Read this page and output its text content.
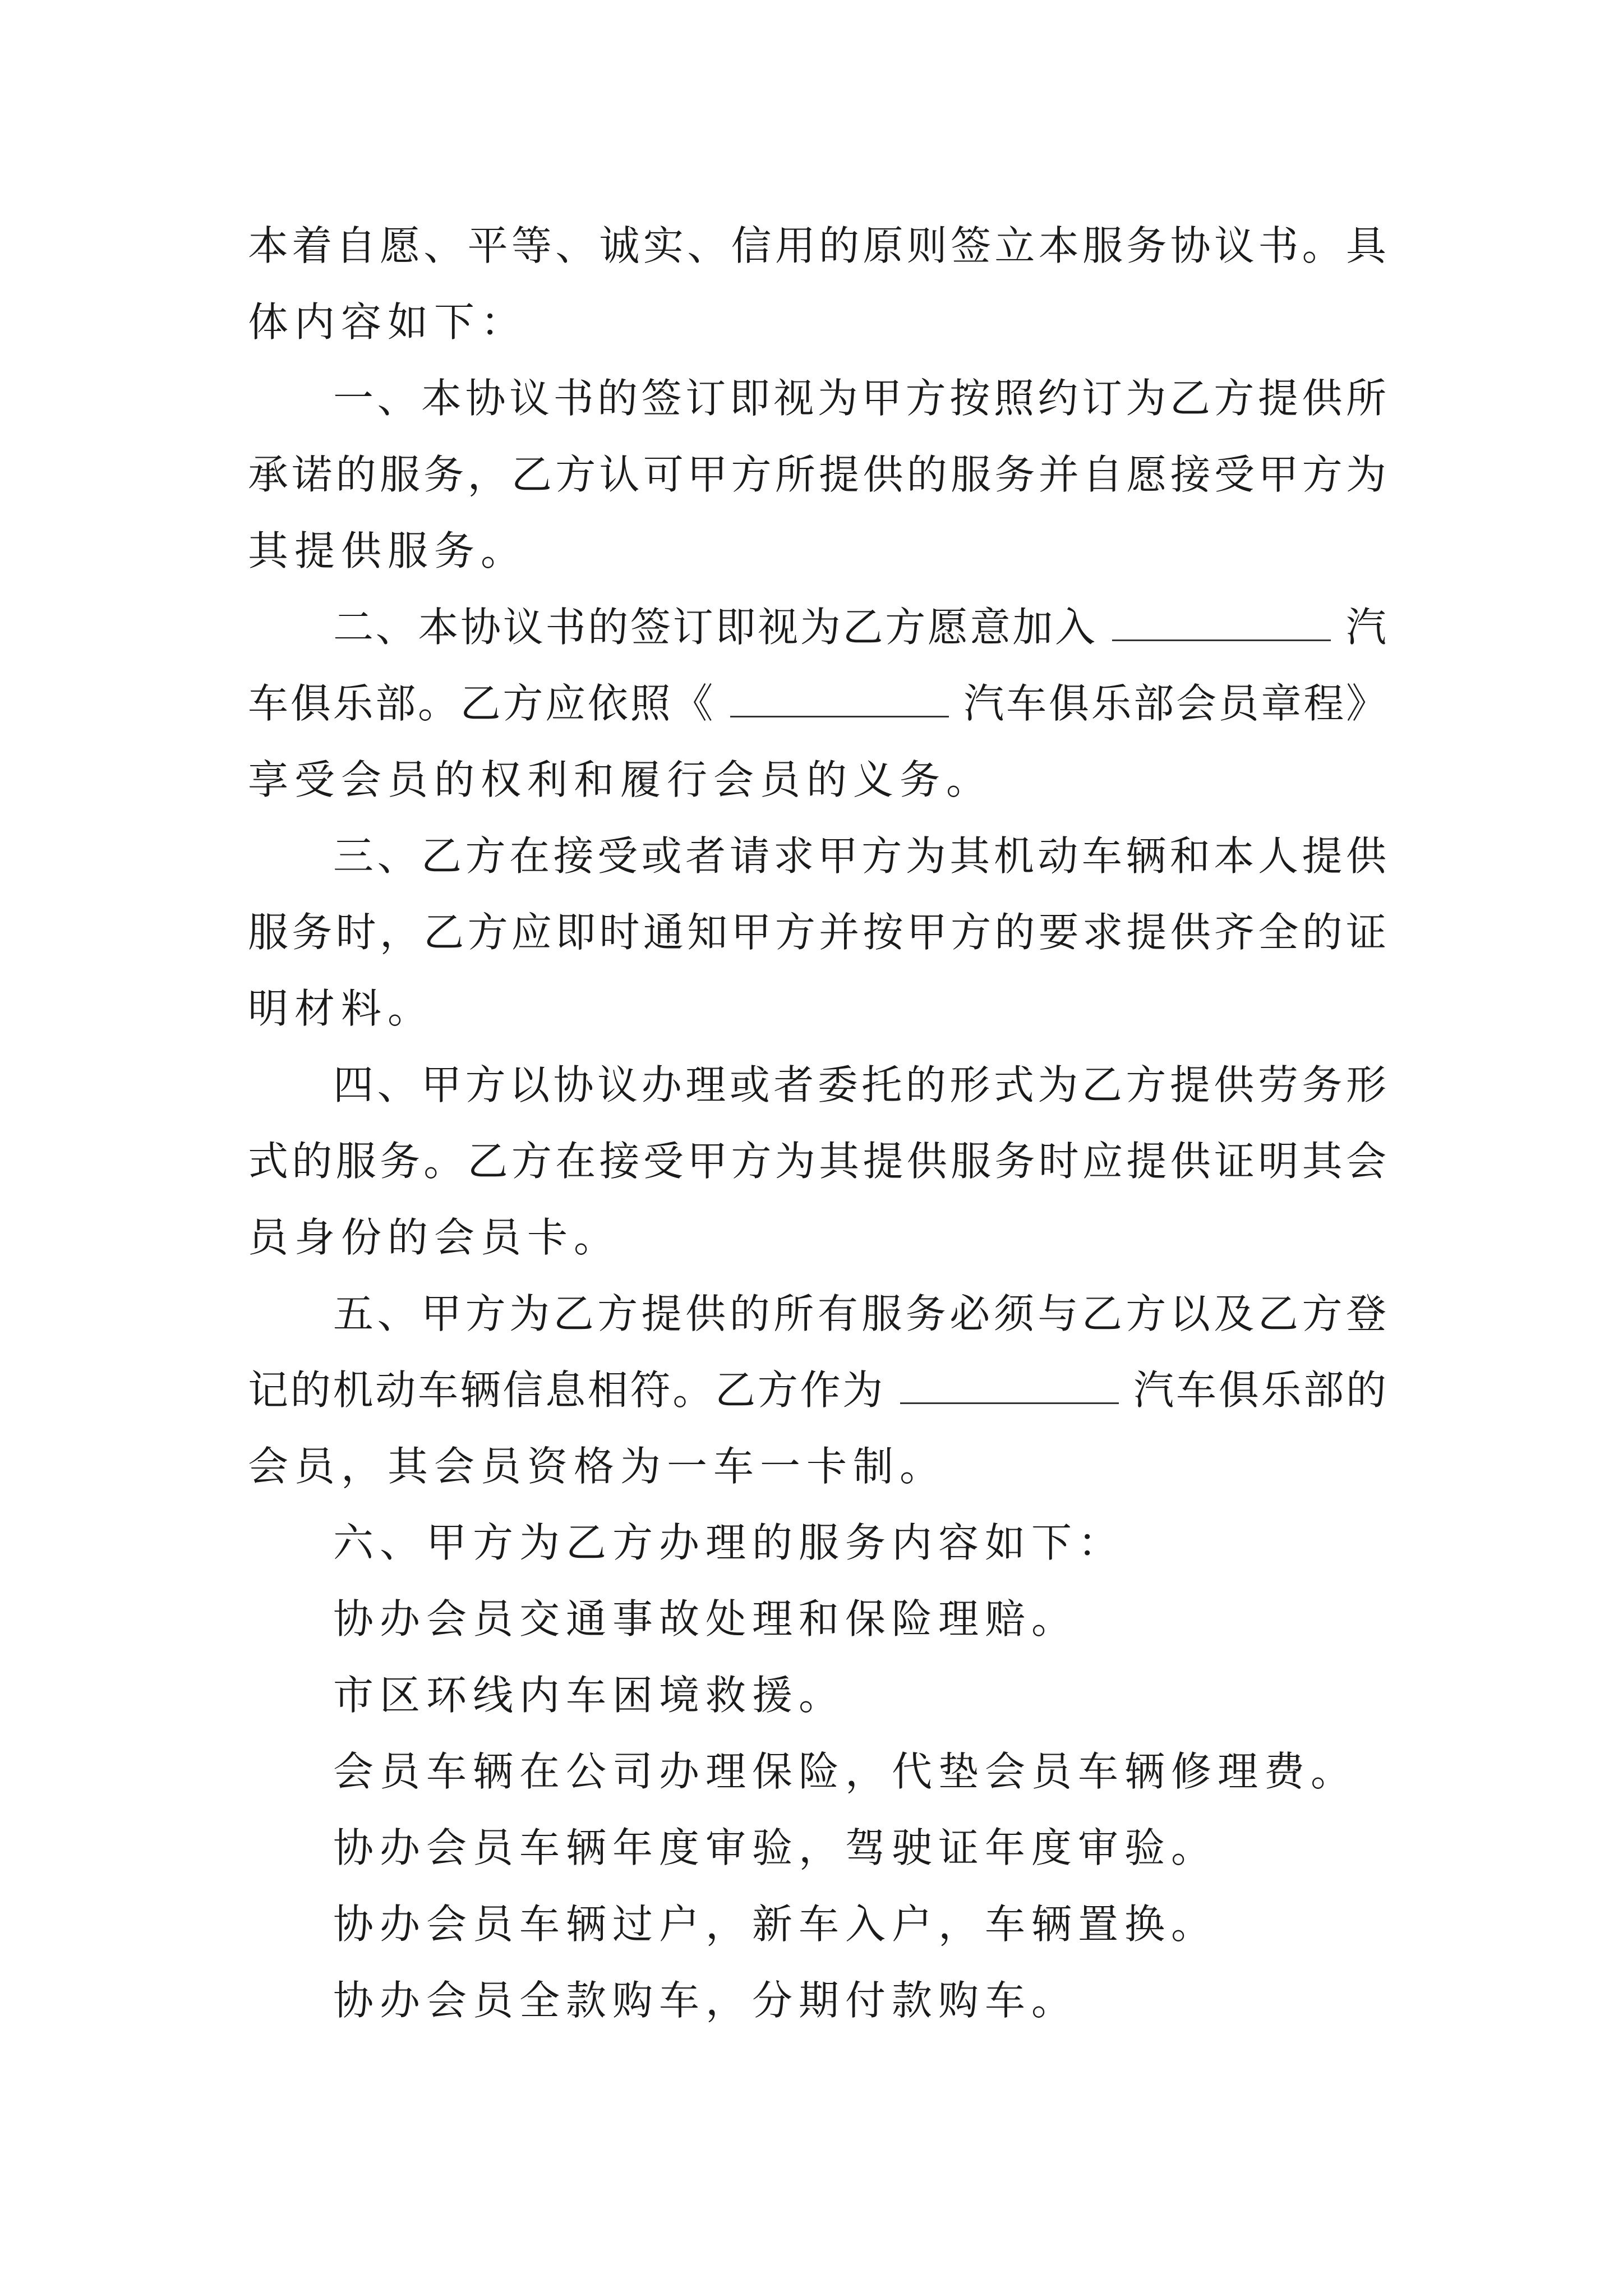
本着自愿、平等、诚实、信用的原则签立本服务协议书。具
体内容如下：
一、本协议书的签订即视为甲方按照约订为乙方提供所
承诺的服务，乙方认可甲方所提供的服务并自愿接受甲方为
其提供服务。
二、本协议书的签订即视为乙方愿意加入	汽
车俱乐部。乙方应依照《	汽车俱乐部会员章程》
享受会员的权利和履行会员的义务。
三、乙方在接受或者请求甲方为其机动车辆和本人提供
服务时，乙方应即时通知甲方并按甲方的要求提供齐全的证
明材料。
四、甲方以协议办理或者委托的形式为乙方提供劳务形
式的服务。乙方在接受甲方为其提供服务时应提供证明其会
员身份的会员卡。
五、甲方为乙方提供的所有服务必须与乙方以及乙方登
记的机动车辆信息相符。乙方作为	汽车俱乐部的
会员，其会员资格为一车一卡制。
六、甲方为乙方办理的服务内容如下：
协办会员交通事故处理和保险理赔。
市区环线内车困境救援。
会员车辆在公司办理保险，代垫会员车辆修理费。
协办会员车辆年度审验，驾驶证年度审验。
协办会员车辆过户，新车入户，车辆置换。
协办会员全款购车，分期付款购车。
